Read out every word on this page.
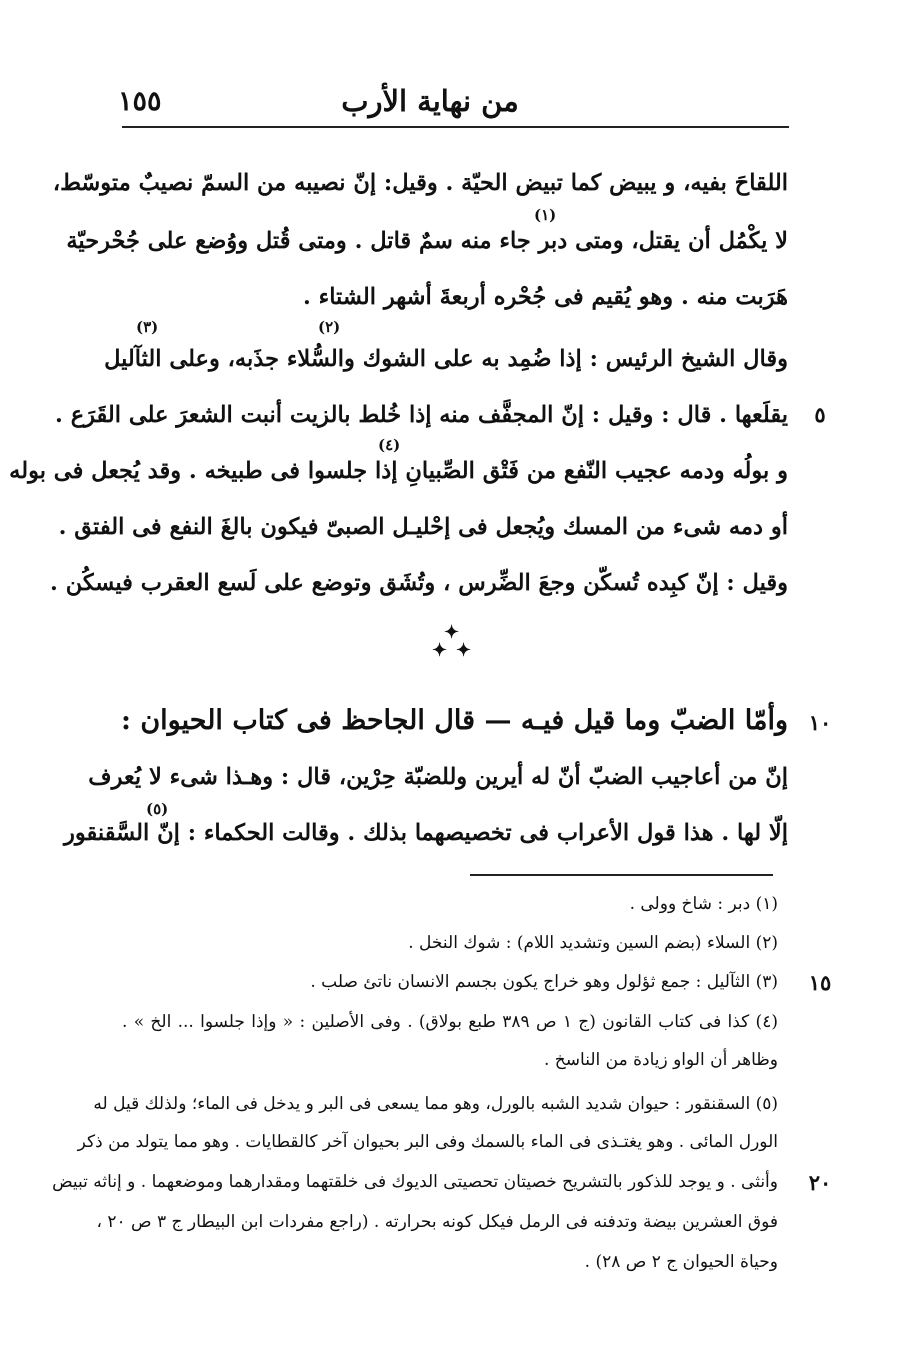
من نهاية الأرب
١٥٥
اللقاحَ بفيه، و يبيض كما تبيض الحيّة . وقيل: إنّ نصيبه من السمّ نصيبٌ متوسّط،
(١)
لا يكْمُل أن يقتل، ومتى دبر جاء منه سمٌ قاتل . ومتى قُتل ووُضع على جُحْرحيّة
هَرَبت منه . وهو يُقيم فى جُحْره أربعةَ أشهر الشتاء .
(٣)	(٢)
وقال الشيخ الرئيس : إذا ضُمِد به على الشوك والسُّلاء جذَبه، وعلى الثآليل
٥
يقلَعها . قال : وقيل : إنّ المجفَّف منه إذا خُلط بالزيت أنبت الشعرَ على القَرَع .
(٤)
و بولُه ودمه عجيب النّفع من فَتْق الصِّبيانِ إذا جلسوا فى طبيخه . وقد يُجعل فى بوله
أو دمه شىء من المسك ويُجعل فى إحْليـل الصبىّ فيكون بالغَ النفع فى الفتق .
وقيل : إنّ كبِده تُسكّن وجعَ الضِّرس ، وتُشَق وتوضع على لَسع العقرب فيسكُن .
✦
✦ ✦
١٠
وأمّا الضبّ وما قيل فيـه — قال الجاحظ فى كتاب الحيوان :
إنّ من أعاجيب الضبّ أنّ له أيرين وللضبّة حِرْين، قال : وهـذا شىء لا يُعرف
(٥)
إلّا لها . هذا قول الأعراب فى تخصيصهما بذلك . وقالت الحكماء : إنّ السَّقنقور
(١) دبر : شاخ وولى .
(٢) السلاء (بضم السين وتشديد اللام) : شوك النخل .
١٥
(٣) الثآليل : جمع ثؤلول وهو خراج يكون بجسم الانسان ناتئ صلب .
(٤) كذا فى كتاب القانون (ج ١ ص ٣٨٩ طبع بولاق) . وفى الأصلين : « وإذا جلسوا ... الخ » .
وظاهر أن الواو زيادة من الناسخ .
(٥) السقنقور : حيوان شديد الشبه بالورل، وهو مما يسعى فى البر و يدخل فى الماء؛ ولذلك قيل له
الورل المائى . وهو يغتـذى فى الماء بالسمك وفى البر بحيوان آخر كالقطايات . وهو مما يتولد من ذكر
٢٠
وأنثى . و يوجد للذكور بالتشريح خصيتان تحصيتى الديوك فى خلقتهما ومقدارهما وموضعهما . و إناثه تبيض
فوق العشرين بيضة وتدفنه فى الرمل فيكل كونه بحرارته . (راجع مفردات ابن البيطار ج ٣ ص ٢٠ ،
وحياة الحيوان ج ٢ ص ٢٨) .
